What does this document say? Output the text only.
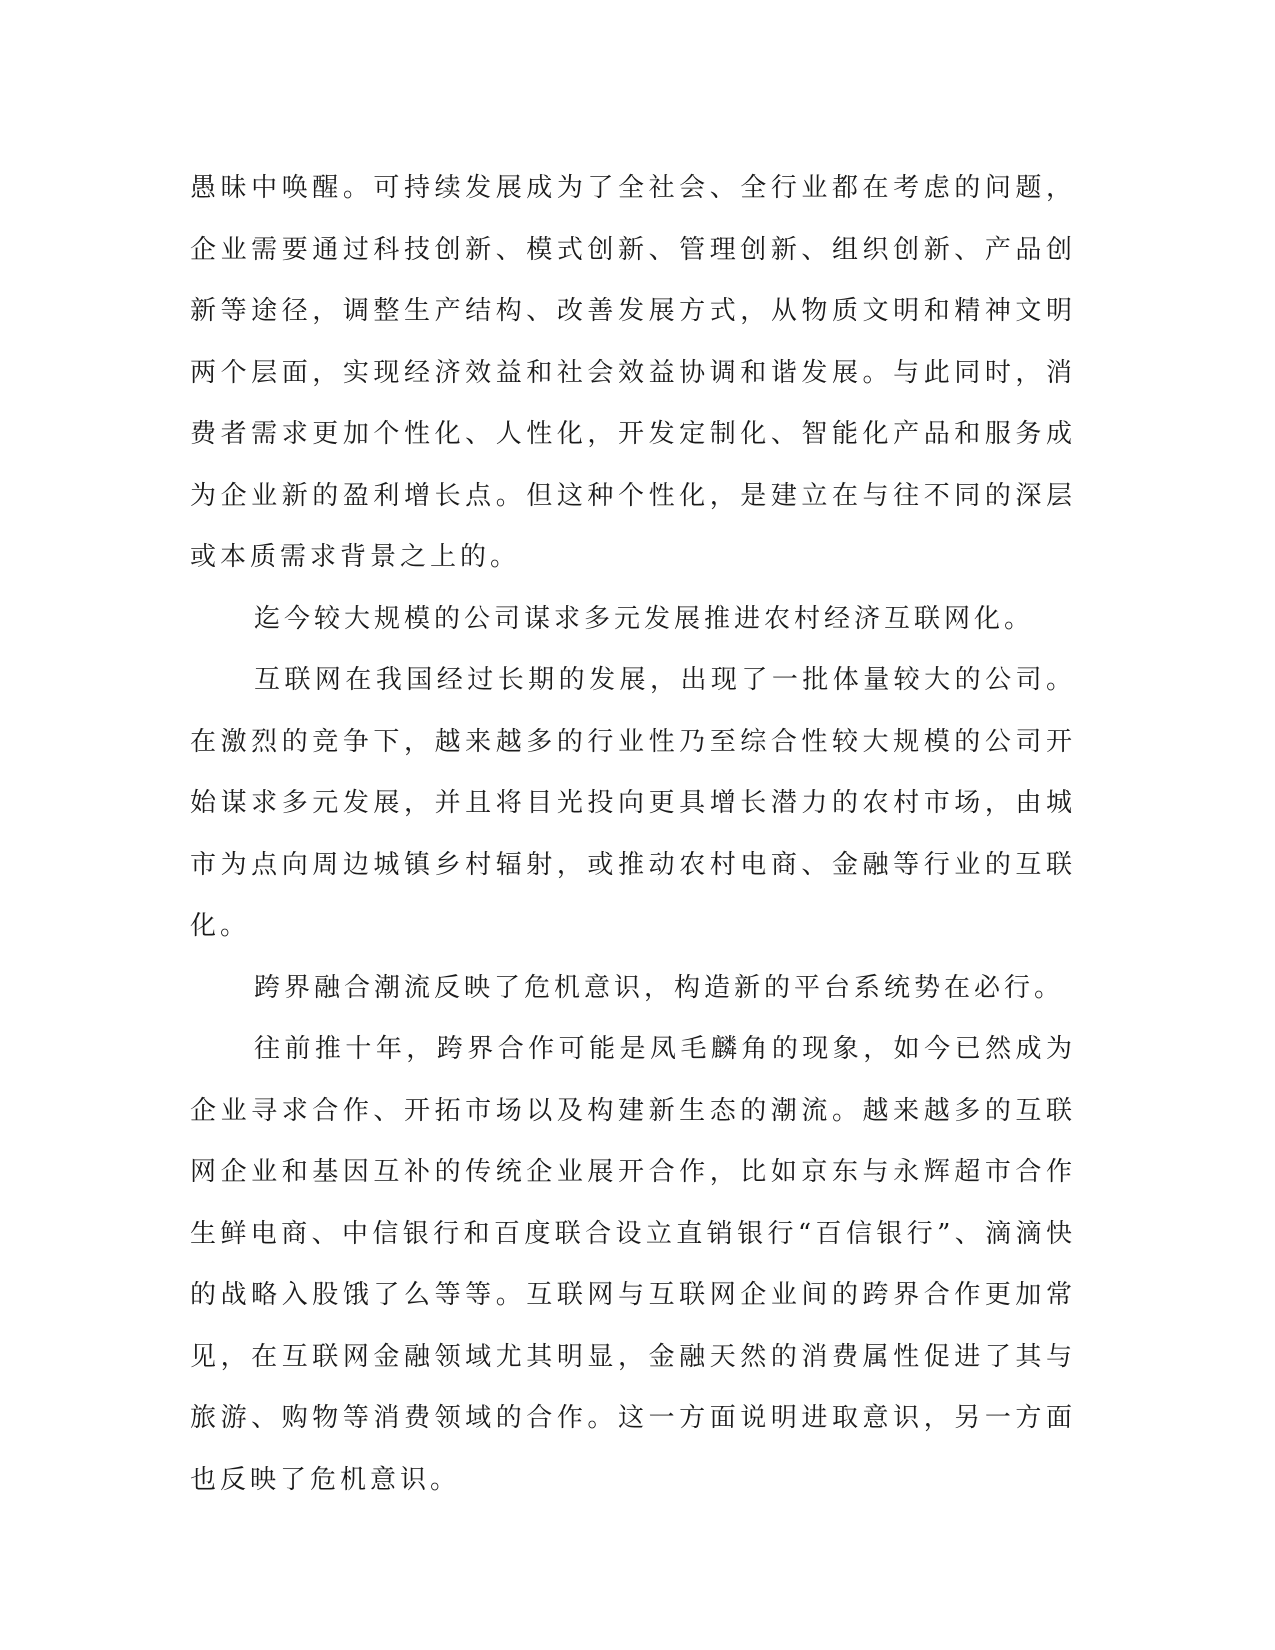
愚昧中唤醒。可持续发展成为了全社会、全行业都在考虑的问题，企业需要通过科技创新、模式创新、管理创新、组织创新、产品创新等途径，调整生产结构、改善发展方式，从物质文明和精神文明两个层面，实现经济效益和社会效益协调和谐发展。与此同时，消费者需求更加个性化、人性化，开发定制化、智能化产品和服务成为企业新的盈利增长点。但这种个性化，是建立在与往不同的深层或本质需求背景之上的。

迄今较大规模的公司谋求多元发展推进农村经济互联网化。

互联网在我国经过长期的发展，出现了一批体量较大的公司。在激烈的竞争下，越来越多的行业性乃至综合性较大规模的公司开始谋求多元发展，并且将目光投向更具增长潜力的农村市场，由城市为点向周边城镇乡村辐射，或推动农村电商、金融等行业的互联化。

跨界融合潮流反映了危机意识，构造新的平台系统势在必行。

往前推十年，跨界合作可能是凤毛麟角的现象，如今已然成为企业寻求合作、开拓市场以及构建新生态的潮流。越来越多的互联网企业和基因互补的传统企业展开合作，比如京东与永辉超市合作生鲜电商、中信银行和百度联合设立直销银行“百信银行”、滴滴快的战略入股饿了么等等。互联网与互联网企业间的跨界合作更加常见，在互联网金融领域尤其明显，金融天然的消费属性促进了其与旅游、购物等消费领域的合作。这一方面说明进取意识，另一方面也反映了危机意识。
